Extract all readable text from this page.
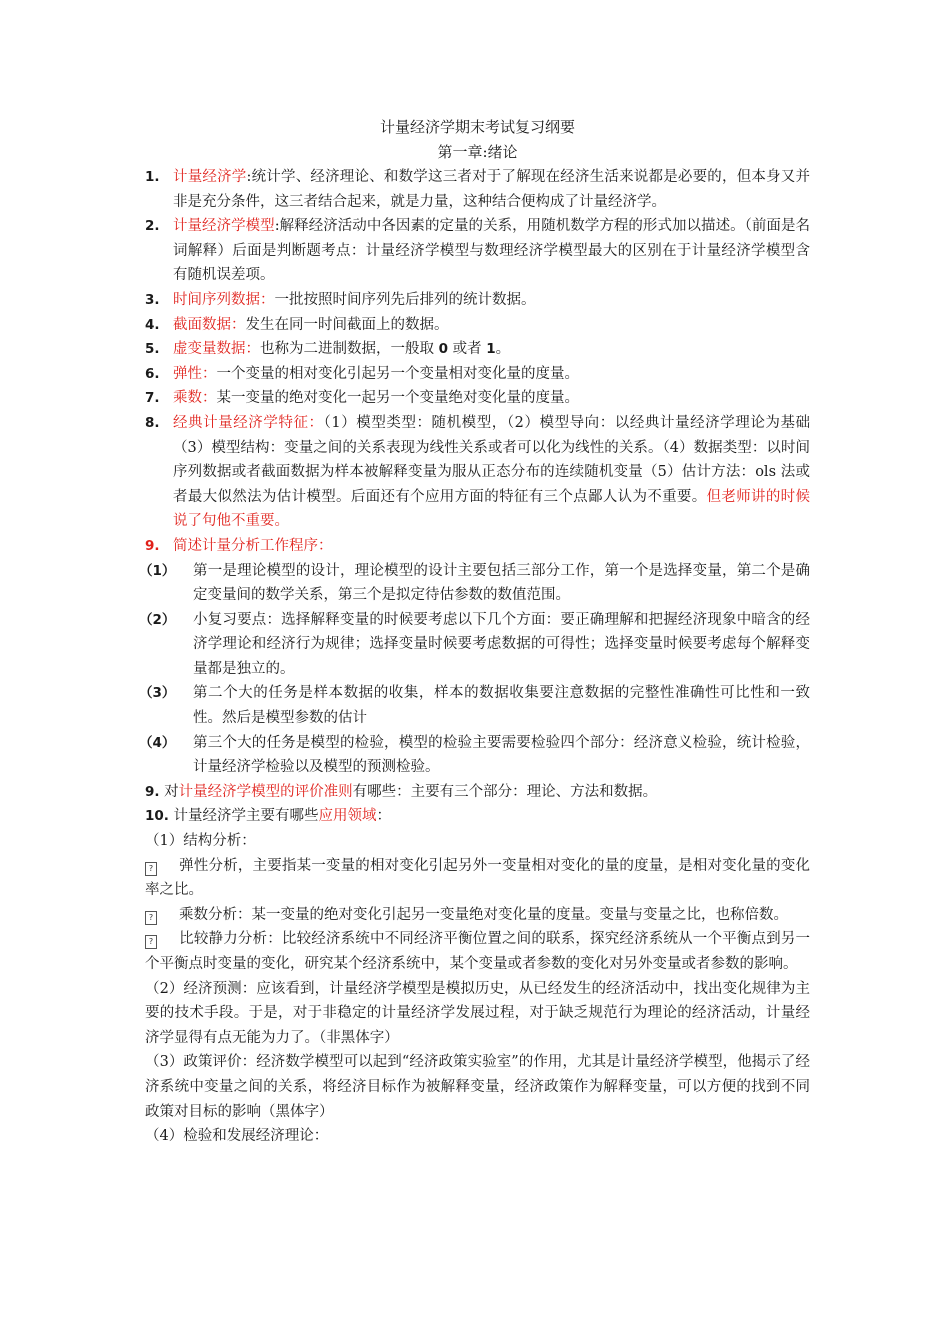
计量经济学期末考试复习纲要
第一章:绪论
1. 计量经济学:统计学、经济理论、和数学这三者对于了解现在经济生活来说都是必要的，但本身又并非是充分条件，这三者结合起来，就是力量，这种结合便构成了计量经济学。
2. 计量经济学模型:解释经济活动中各因素的定量的关系，用随机数学方程的形式加以描述。（前面是名词解释）后面是判断题考点：计量经济学模型与数理经济学模型最大的区别在于计量经济学模型含有随机误差项。
3. 时间序列数据：一批按照时间序列先后排列的统计数据。
4. 截面数据：发生在同一时间截面上的数据。
5. 虚变量数据：也称为二进制数据，一般取 0 或者 1。
6. 弹性：一个变量的相对变化引起另一个变量相对变化量的度量。
7. 乘数：某一变量的绝对变化一起另一个变量绝对变化量的度量。
8. 经典计量经济学特征：（1）模型类型：随机模型，（2）模型导向：以经典计量经济学理论为基础（3）模型结构：变量之间的关系表现为线性关系或者可以化为线性的关系。（4）数据类型：以时间序列数据或者截面数据为样本被解释变量为服从正态分布的连续随机变量（5）估计方法：ols 法或者最大似然法为估计模型。后面还有个应用方面的特征有三个点鄙人认为不重要。但老师讲的时候说了句他不重要。
9. 简述计量分析工作程序：
（1）	第一是理论模型的设计，理论模型的设计主要包括三部分工作，第一个是选择变量，第二个是确定变量间的数学关系，第三个是拟定待估参数的数值范围。
（2）	小复习要点：选择解释变量的时候要考虑以下几个方面：要正确理解和把握经济现象中暗含的经济学理论和经济行为规律；选择变量时候要考虑数据的可得性；选择变量时候要考虑每个解释变量都是独立的。
（3）	第二个大的任务是样本数据的收集，样本的数据收集要注意数据的完整性准确性可比性和一致性。然后是模型参数的估计
（4）	第三个大的任务是模型的检验，模型的检验主要需要检验四个部分：经济意义检验，统计检验，计量经济学检验以及模型的预测检验。
9. 对计量经济学模型的评价准则有哪些：主要有三个部分：理论、方法和数据。
10. 计量经济学主要有哪些应用领域：
（1）结构分析：
? 弹性分析，主要指某一变量的相对变化引起另外一变量相对变化的量的度量，是相对变化量的变化率之比。
? 乘数分析：某一变量的绝对变化引起另一变量绝对变化量的度量。变量与变量之比，也称倍数。
? 比较静力分析：比较经济系统中不同经济平衡位置之间的联系，探究经济系统从一个平衡点到另一个平衡点时变量的变化，研究某个经济系统中，某个变量或者参数的变化对另外变量或者参数的影响。
（2）经济预测：应该看到，计量经济学模型是模拟历史，从已经发生的经济活动中，找出变化规律为主要的技术手段。于是，对于非稳定的计量经济学发展过程，对于缺乏规范行为理论的经济活动，计量经济学显得有点无能为力了。（非黑体字）
（3）政策评价：经济数学模型可以起到“经济政策实验室”的作用，尤其是计量经济学模型，他揭示了经济系统中变量之间的关系，将经济目标作为被解释变量，经济政策作为解释变量，可以方便的找到不同政策对目标的影响（黑体字）
（4）检验和发展经济理论：
